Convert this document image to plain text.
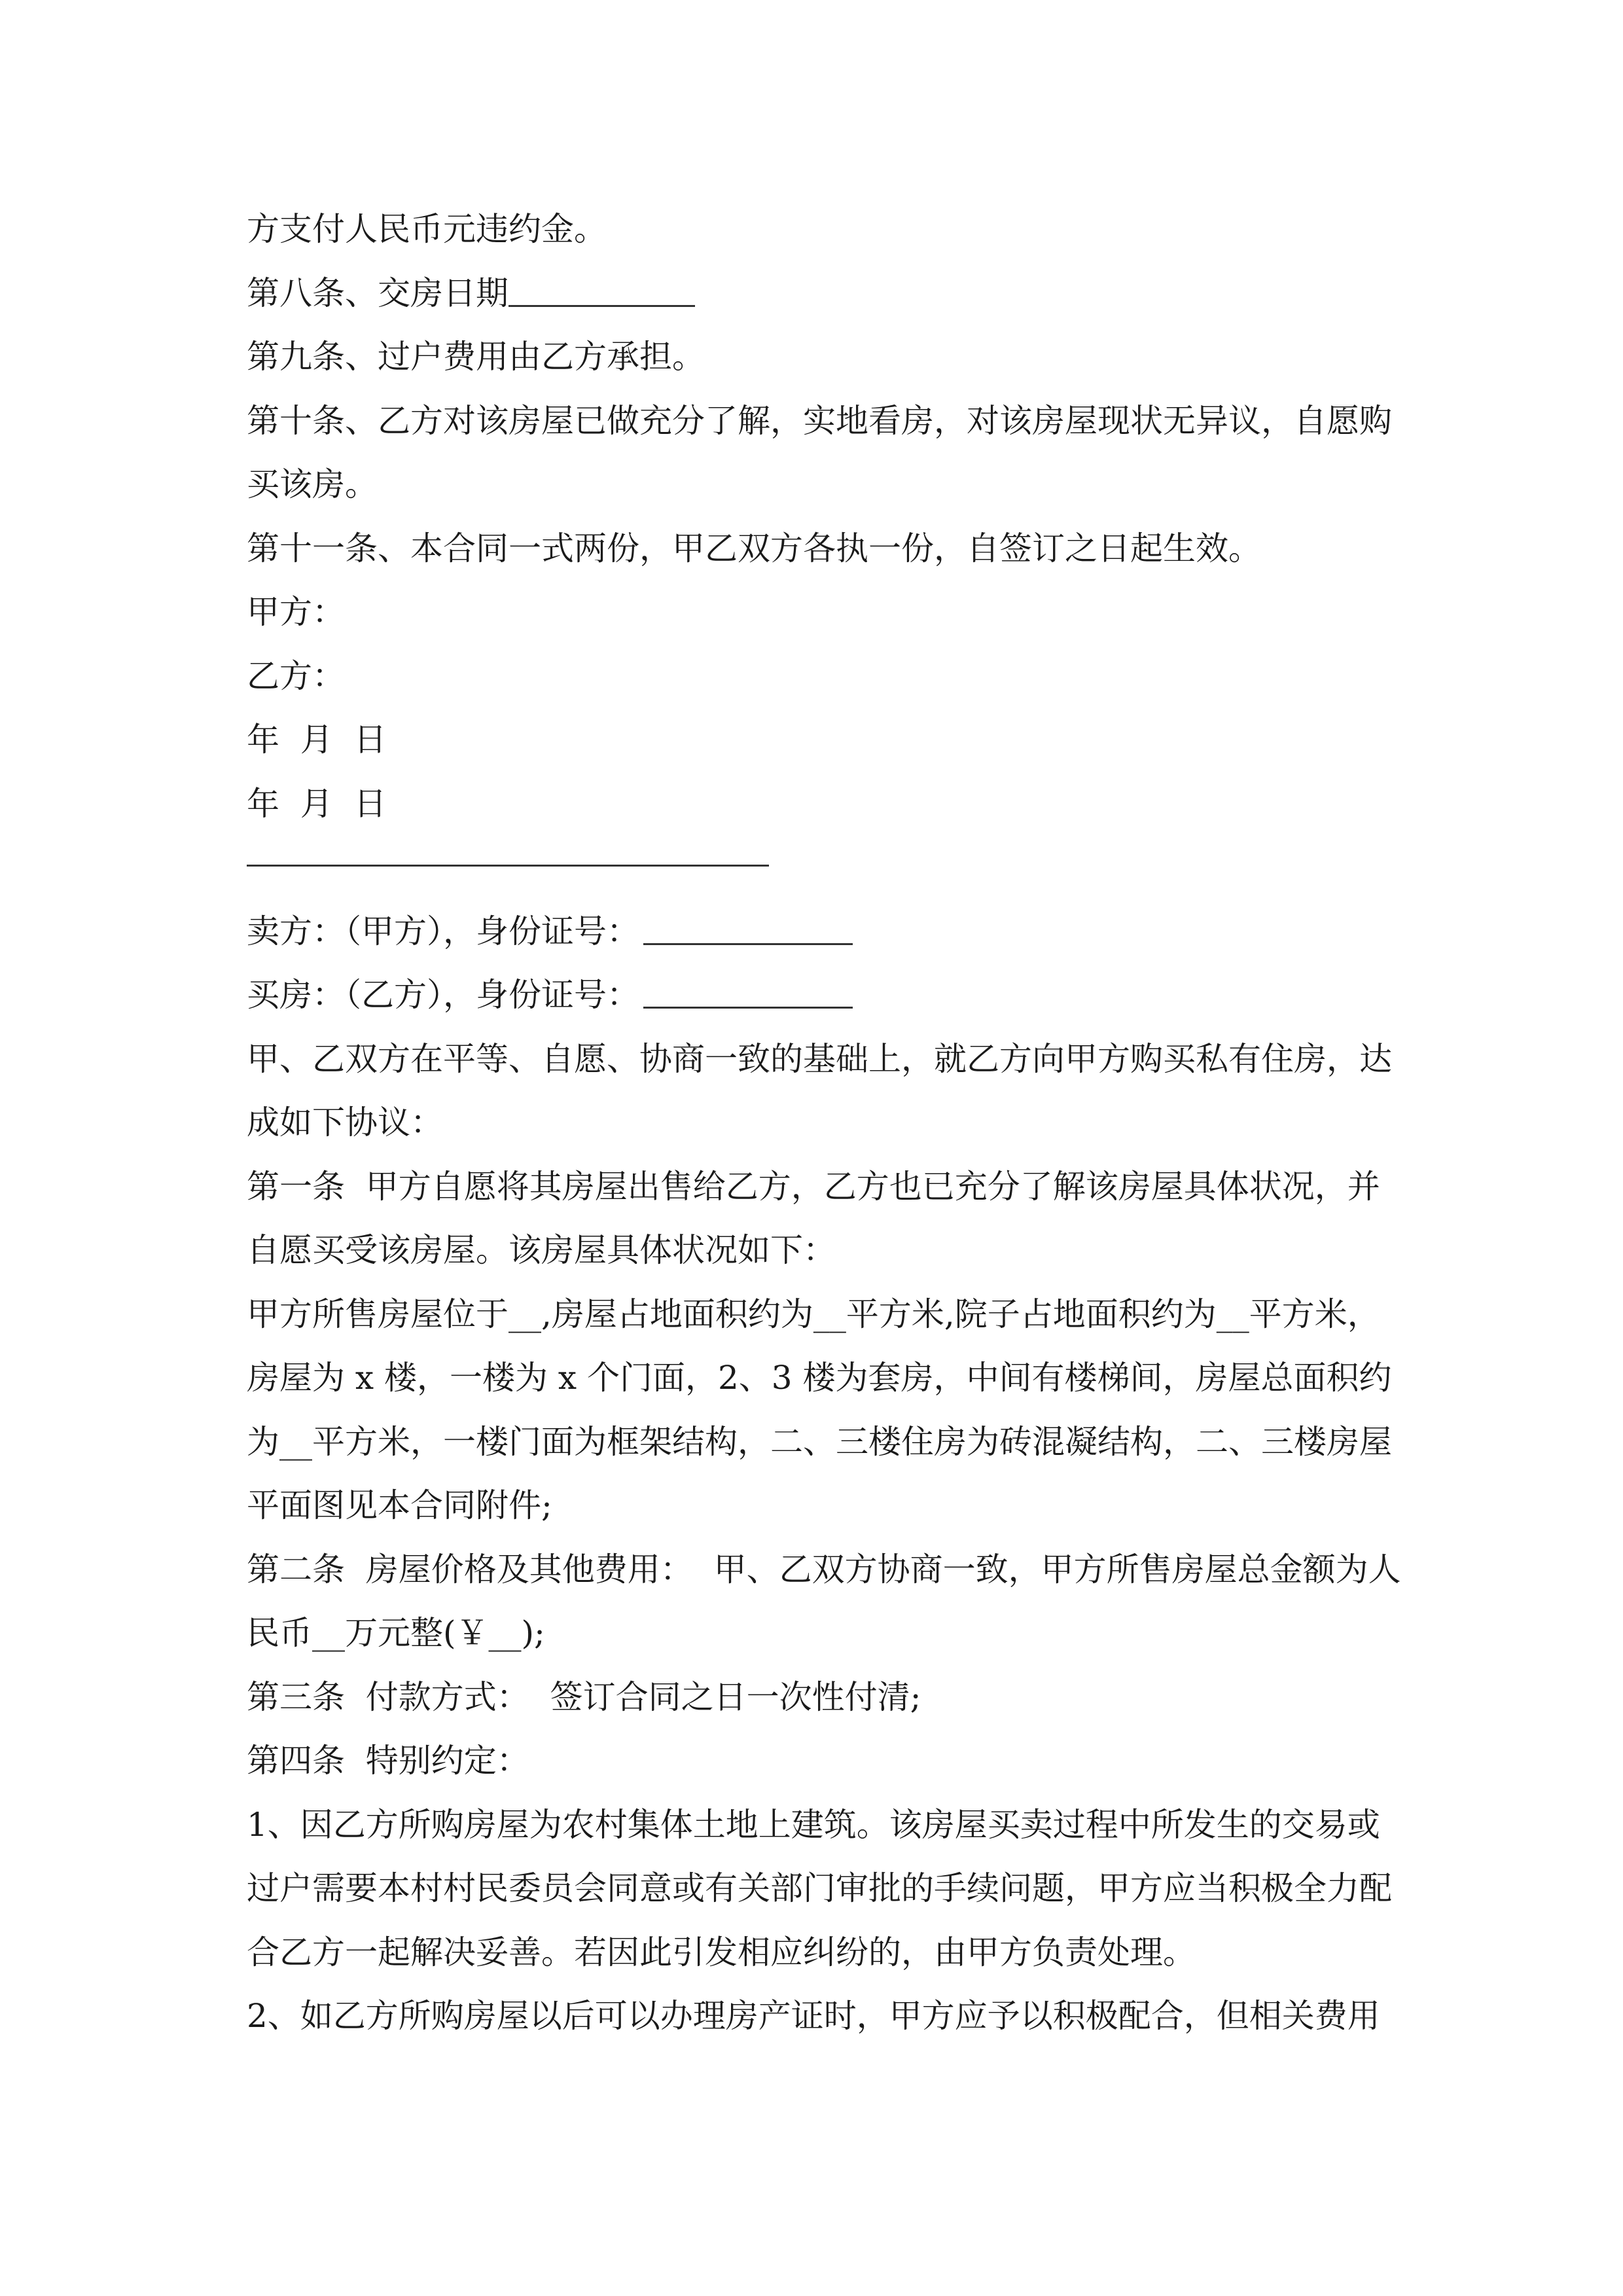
方支付人民币元违约金。
第八条、交房日期
第九条、过户费用由乙方承担。
第十条、乙方对该房屋已做充分了解，实地看房，对该房屋现状无异议，自愿购
买该房。
第十一条、本合同一式两份，甲乙双方各执一份，自签订之日起生效。
甲方：
乙方：
年  月  日
年  月  日
卖方：（甲方），身份证号：
买房：（乙方），身份证号：
甲、乙双方在平等、自愿、协商一致的基础上，就乙方向甲方购买私有住房，达
成如下协议：
第一条  甲方自愿将其房屋出售给乙方，乙方也已充分了解该房屋具体状况，并
自愿买受该房屋。该房屋具体状况如下：
甲方所售房屋位于__,房屋占地面积约为__平方米,院子占地面积约为__平方米，
房屋为 x 楼，一楼为 x 个门面，2、3 楼为套房，中间有楼梯间，房屋总面积约
为__平方米，一楼门面为框架结构，二、三楼住房为砖混凝结构，二、三楼房屋
平面图见本合同附件;
第二条  房屋价格及其他费用：  甲、乙双方协商一致，甲方所售房屋总金额为人
民币__万元整(￥__);
第三条  付款方式：  签订合同之日一次性付清;
第四条  特别约定：
1、因乙方所购房屋为农村集体土地上建筑。该房屋买卖过程中所发生的交易或
过户需要本村村民委员会同意或有关部门审批的手续问题，甲方应当积极全力配
合乙方一起解决妥善。若因此引发相应纠纷的，由甲方负责处理。
2、如乙方所购房屋以后可以办理房产证时，甲方应予以积极配合，但相关费用
